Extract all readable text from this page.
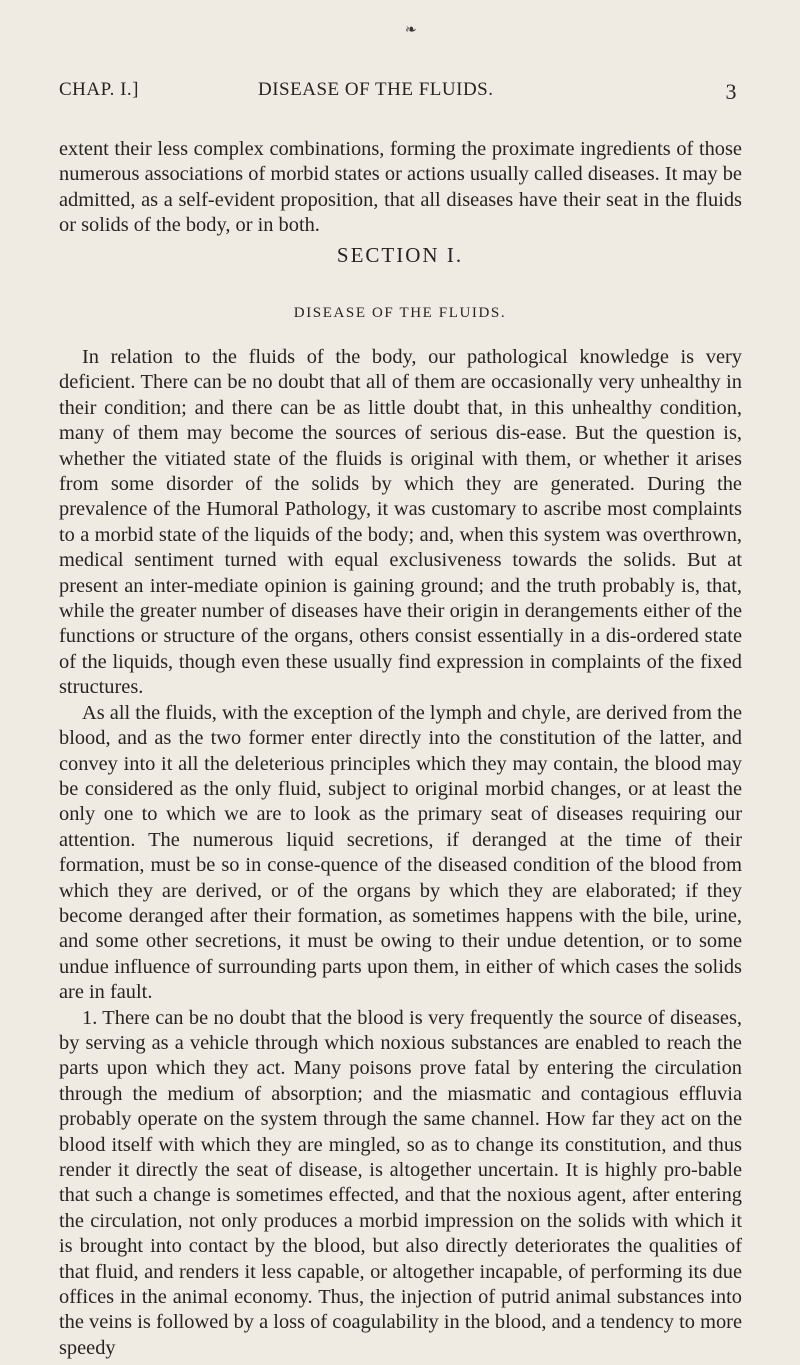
❧
CHAP. I.]	DISEASE OF THE FLUIDS.	3

extent their less complex combinations, forming the proximate ingredients of those numerous associations of morbid states or actions usually called diseases. It may be admitted, as a self-evident proposition, that all diseases have their seat in the fluids or solids of the body, or in both.

SECTION I.
DISEASE OF THE FLUIDS.

In relation to the fluids of the body, our pathological knowledge is very deficient. There can be no doubt that all of them are occasionally very unhealthy in their condition; and there can be as little doubt that, in this unhealthy condition, many of them may become the sources of serious dis-ease. But the question is, whether the vitiated state of the fluids is original with them, or whether it arises from some disorder of the solids by which they are generated. During the prevalence of the Humoral Pathology, it was customary to ascribe most complaints to a morbid state of the liquids of the body; and, when this system was overthrown, medical sentiment turned with equal exclusiveness towards the solids. But at present an inter-mediate opinion is gaining ground; and the truth probably is, that, while the greater number of diseases have their origin in derangements either of the functions or structure of the organs, others consist essentially in a dis-ordered state of the liquids, though even these usually find expression in complaints of the fixed structures.

As all the fluids, with the exception of the lymph and chyle, are derived from the blood, and as the two former enter directly into the constitution of the latter, and convey into it all the deleterious principles which they may contain, the blood may be considered as the only fluid, subject to original morbid changes, or at least the only one to which we are to look as the primary seat of diseases requiring our attention. The numerous liquid secretions, if deranged at the time of their formation, must be so in conse-quence of the diseased condition of the blood from which they are derived, or of the organs by which they are elaborated; if they become deranged after their formation, as sometimes happens with the bile, urine, and some other secretions, it must be owing to their undue detention, or to some undue influence of surrounding parts upon them, in either of which cases the solids are in fault.

1. There can be no doubt that the blood is very frequently the source of diseases, by serving as a vehicle through which noxious substances are enabled to reach the parts upon which they act. Many poisons prove fatal by entering the circulation through the medium of absorption; and the miasmatic and contagious effluvia probably operate on the system through the same channel. How far they act on the blood itself with which they are mingled, so as to change its constitution, and thus render it directly the seat of disease, is altogether uncertain. It is highly pro-bable that such a change is sometimes effected, and that the noxious agent, after entering the circulation, not only produces a morbid impression on the solids with which it is brought into contact by the blood, but also directly deteriorates the qualities of that fluid, and renders it less capable, or altogether incapable, of performing its due offices in the animal economy. Thus, the injection of putrid animal substances into the veins is followed by a loss of coagulability in the blood, and a tendency to more speedy
